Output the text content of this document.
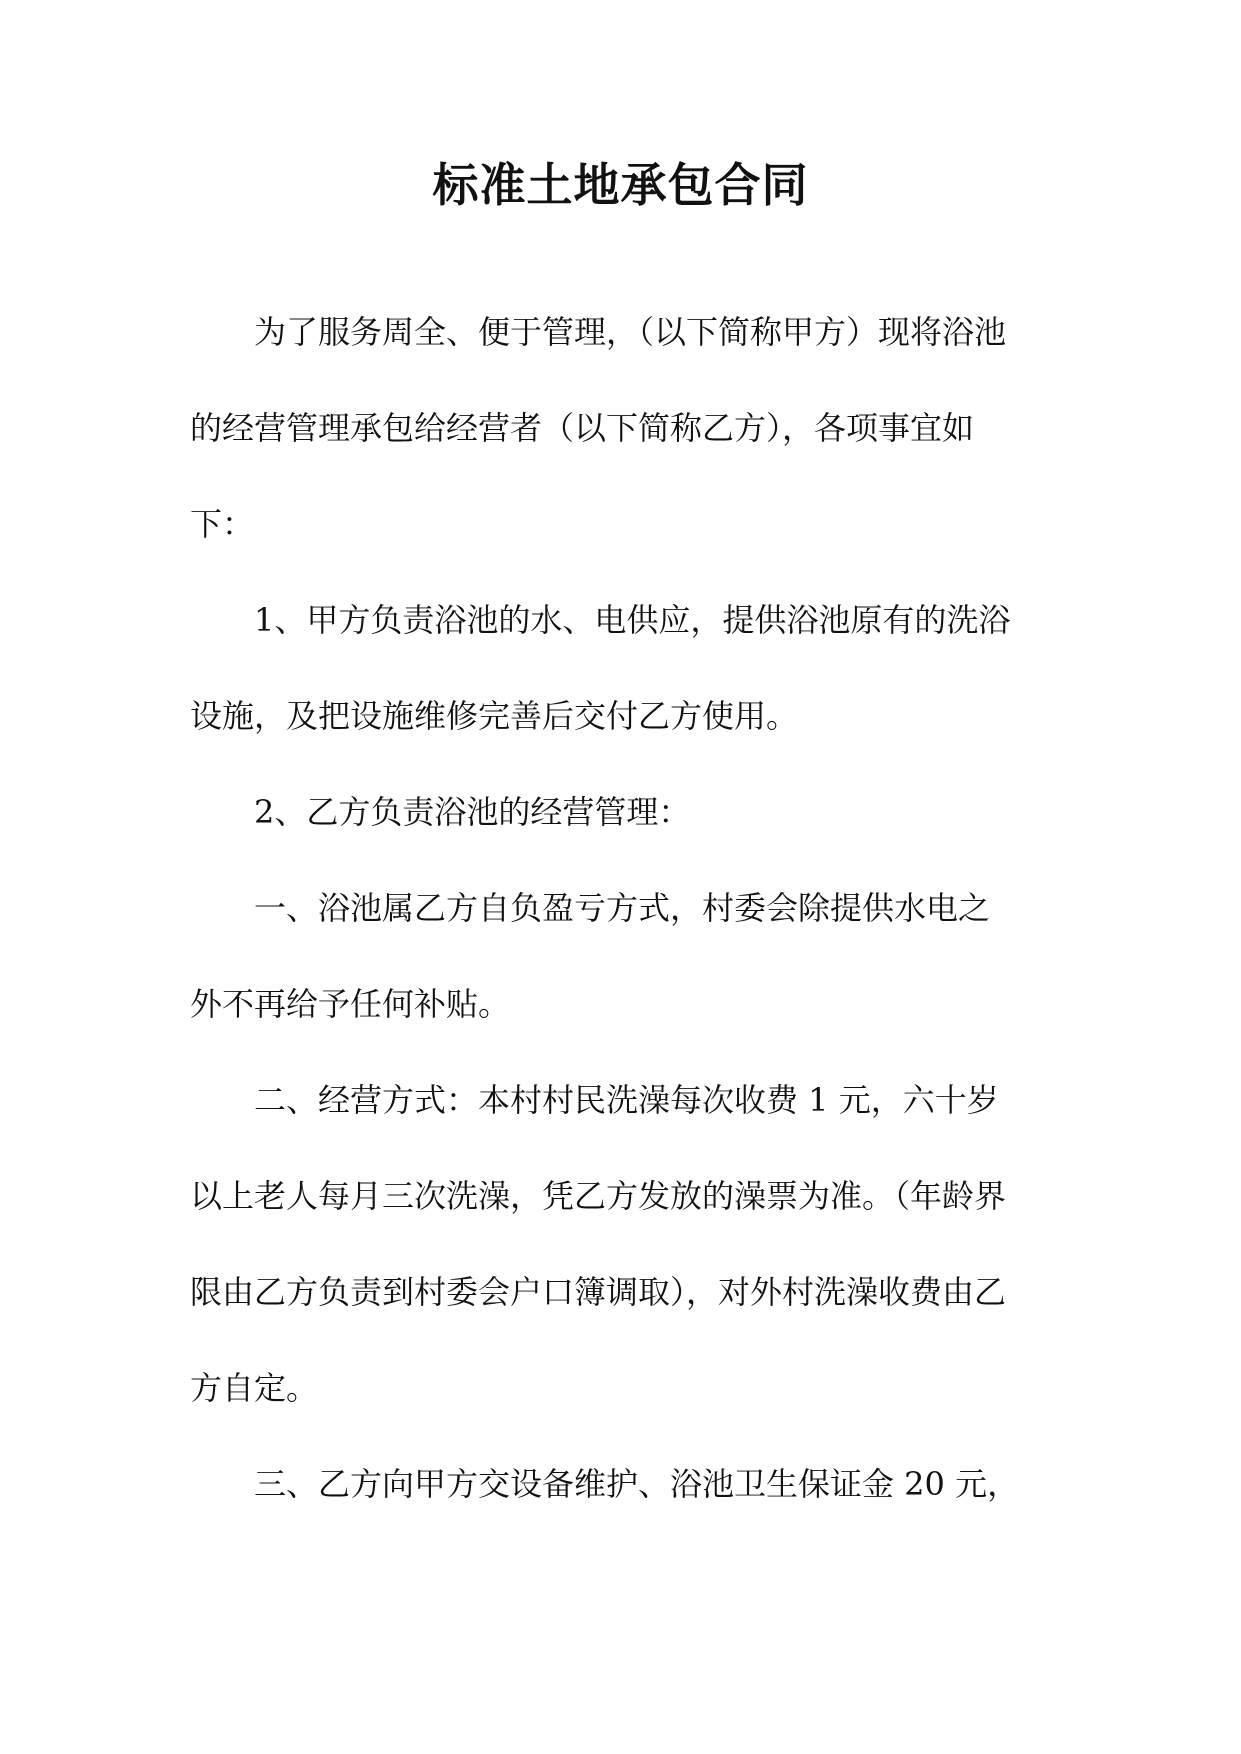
标准土地承包合同

为了服务周全、便于管理，（以下简称甲方）现将浴池

的经营管理承包给经营者（以下简称乙方），各项事宜如

下：

1、甲方负责浴池的水、电供应，提供浴池原有的洗浴

设施，及把设施维修完善后交付乙方使用。

2、乙方负责浴池的经营管理：

一、浴池属乙方自负盈亏方式，村委会除提供水电之

外不再给予任何补贴。

二、经营方式：本村村民洗澡每次收费 1 元，六十岁

以上老人每月三次洗澡，凭乙方发放的澡票为准。（年龄界

限由乙方负责到村委会户口簿调取），对外村洗澡收费由乙

方自定。

三、乙方向甲方交设备维护、浴池卫生保证金 20 元，
